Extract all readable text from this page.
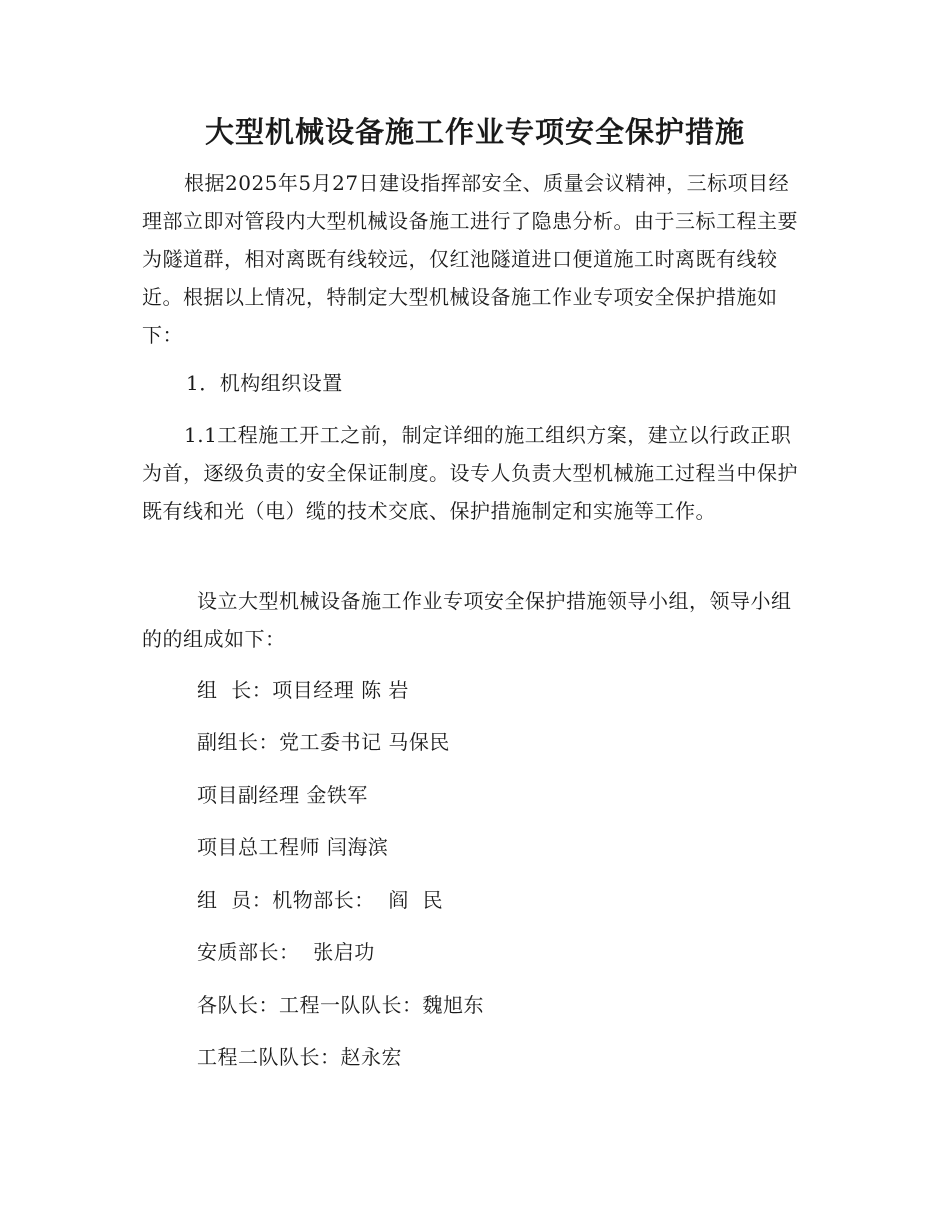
大型机械设备施工作业专项安全保护措施

根据2025年5月27日建设指挥部安全、质量会议精神，三标项目经理部立即对管段内大型机械设备施工进行了隐患分析。由于三标工程主要为隧道群，相对离既有线较远，仅红池隧道进口便道施工时离既有线较近。根据以上情况，特制定大型机械设备施工作业专项安全保护措施如下：

1．机构组织设置

1.1工程施工开工之前，制定详细的施工组织方案，建立以行政正职为首，逐级负责的安全保证制度。设专人负责大型机械施工过程当中保护既有线和光（电）缆的技术交底、保护措施制定和实施等工作。

设立大型机械设备施工作业专项安全保护措施领导小组，领导小组的的组成如下：

组  长：项目经理 陈 岩
副组长：党工委书记 马保民
项目副经理 金铁军
项目总工程师 闫海滨
组  员：机物部长：  阎  民
安质部长：  张启功
各队长：工程一队队长：魏旭东
工程二队队长：赵永宏
